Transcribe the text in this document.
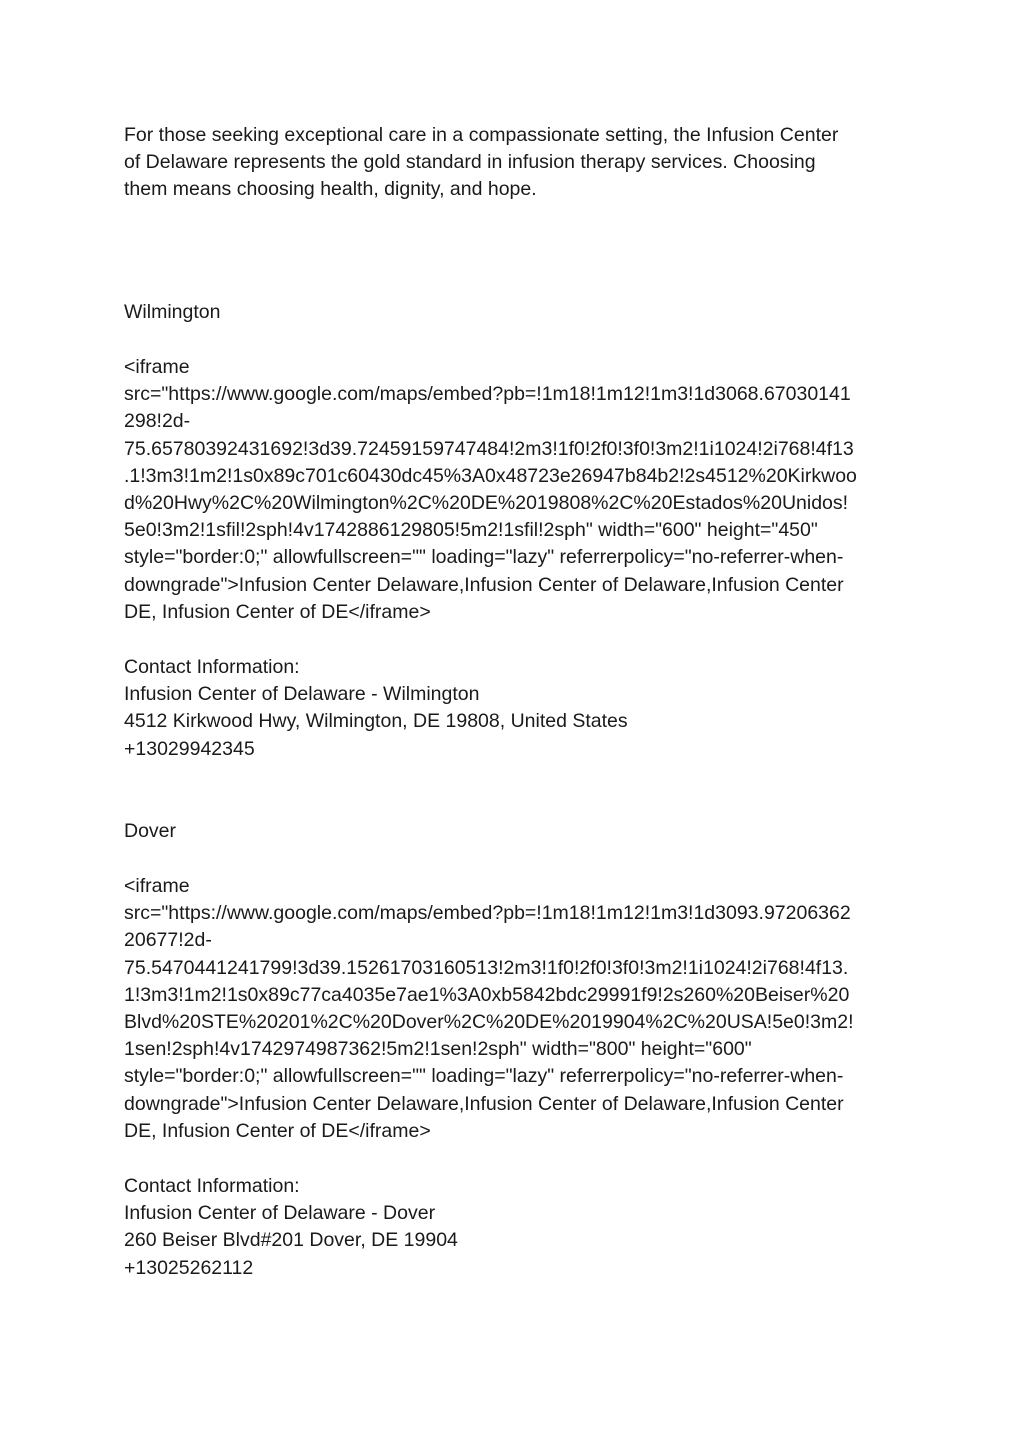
For those seeking exceptional care in a compassionate setting, the Infusion Center
of Delaware represents the gold standard in infusion therapy services. Choosing
them means choosing health, dignity, and hope.

Wilmington

<iframe
src="https://www.google.com/maps/embed?pb=!1m18!1m12!1m3!1d3068.67030141
298!2d-
75.65780392431692!3d39.72459159747484!2m3!1f0!2f0!3f0!3m2!1i1024!2i768!4f13
.1!3m3!1m2!1s0x89c701c60430dc45%3A0x48723e26947b84b2!2s4512%20Kirkwoo
d%20Hwy%2C%20Wilmington%2C%20DE%2019808%2C%20Estados%20Unidos!
5e0!3m2!1sfil!2sph!4v1742886129805!5m2!1sfil!2sph" width="600" height="450"
style="border:0;" allowfullscreen="" loading="lazy" referrerpolicy="no-referrer-when-
downgrade">Infusion Center Delaware,Infusion Center of Delaware,Infusion Center
DE, Infusion Center of DE</iframe>

Contact Information:
Infusion Center of Delaware - Wilmington
4512 Kirkwood Hwy, Wilmington, DE 19808, United States
+13029942345

Dover

<iframe
src="https://www.google.com/maps/embed?pb=!1m18!1m12!1m3!1d3093.97206362
20677!2d-
75.5470441241799!3d39.15261703160513!2m3!1f0!2f0!3f0!3m2!1i1024!2i768!4f13.
1!3m3!1m2!1s0x89c77ca4035e7ae1%3A0xb5842bdc29991f9!2s260%20Beiser%20
Blvd%20STE%20201%2C%20Dover%2C%20DE%2019904%2C%20USA!5e0!3m2!
1sen!2sph!4v1742974987362!5m2!1sen!2sph" width="800" height="600"
style="border:0;" allowfullscreen="" loading="lazy" referrerpolicy="no-referrer-when-
downgrade">Infusion Center Delaware,Infusion Center of Delaware,Infusion Center
DE, Infusion Center of DE</iframe>

Contact Information:
Infusion Center of Delaware - Dover
260 Beiser Blvd#201 Dover, DE 19904
+13025262112
